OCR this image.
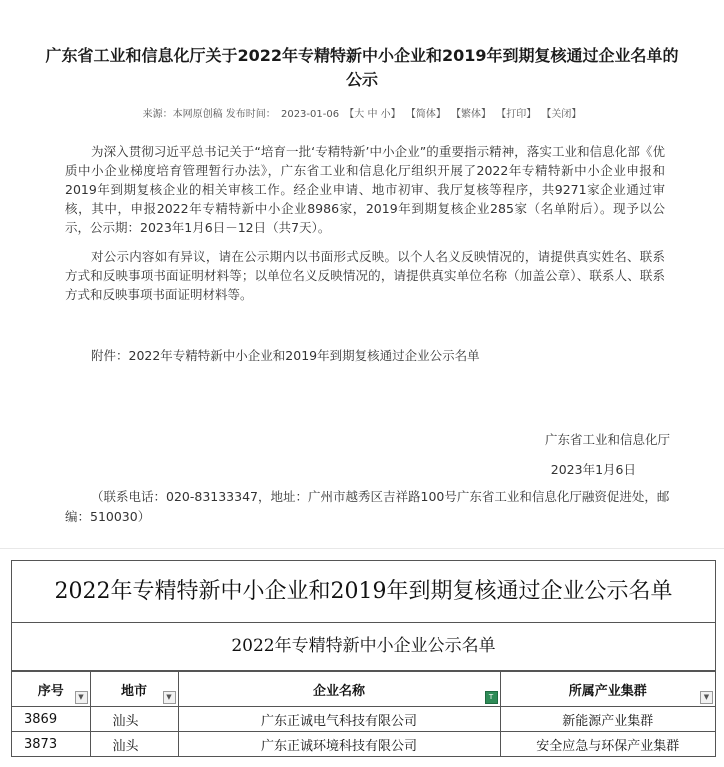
广东省工业和信息化厅关于2022年专精特新中小企业和2019年到期复核通过企业名单的公示
来源：本网原创稿 发布时间： 2023-01-06 【大 中 小】 【简体】 【繁体】 【打印】 【关闭】

为深入贯彻习近平总书记关于“培育一批‘专精特新’中小企业”的重要指示精神，落实工业和信息化部《优质中小企业梯度培育管理暂行办法》，广东省工业和信息化厅组织开展了2022年专精特新中小企业申报和2019年到期复核企业的相关审核工作。经企业申请、地市初审、我厅复核等程序，共9271家企业通过审核，其中，申报2022年专精特新中小企业8986家，2019年到期复核企业285家（名单附后）。现予以公示，公示期：2023年1月6日－12日（共7天）。

对公示内容如有异议，请在公示期内以书面形式反映。以个人名义反映情况的，请提供真实姓名、联系方式和反映事项书面证明材料等；以单位名义反映情况的，请提供真实单位名称（加盖公章）、联系人、联系方式和反映事项书面证明材料等。

附件：2022年专精特新中小企业和2019年到期复核通过企业公示名单
广东省工业和信息化厅
2023年1月6日

（联系电话：020-83133347，地址：广州市越秀区吉祥路100号广东省工业和信息化厅融资促进处，邮编：510030）

2022年专精特新中小企业和2019年到期复核通过企业公示名单
2022年专精特新中小企业公示名单
序号 ▼	地市 ▼	企业名称 T	所属产业集群 ▼

3869	汕头	广东正诚电气科技有限公司	新能源产业集群
3873	汕头	广东正诚环境科技有限公司	安全应急与环保产业集群
